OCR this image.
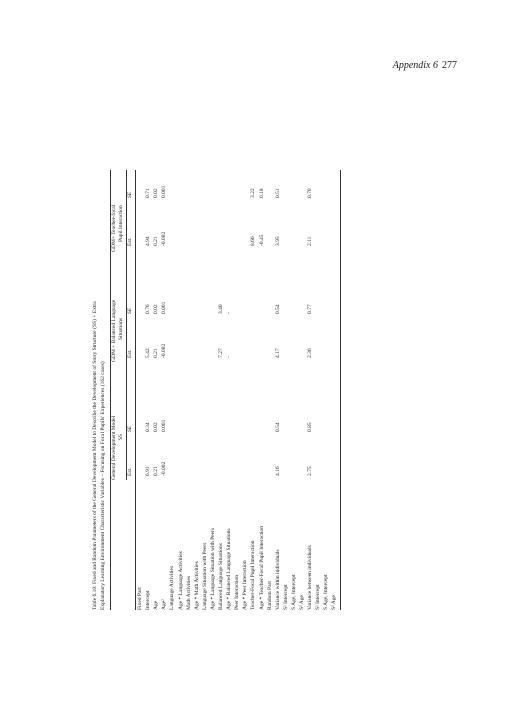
Appendix 6 277
Table 6.10: Fixed and Random Parameters of the General Development Model to Describe the Development of Story Structure (SS) + Extra Explanatory Learning Environment Characteristic Variables – Focusing on Focal Pupils' Experiences (162 cases) General Development Model SS
GDM + Balanced Language Situations
GDM+ Teacher-focal Pupil Interaction
Est.
SE
Est.
SE
Est.
SE
Fixed Part Intercept
6.91
0.34
5.42
0.76
4.94
0.71
Age
0.21
0.02
0.21
0.02
0.21
0.02
Age²
-0.002
0.001
-0.002
0.001
-0.002
0.001
Language Activities Age * Language Activities Math Activities Age * Math Activities Language Situation with Peers Age * Language Situation with Peers Balanced Language Situations
7.27
3.40
Age * Balanced Language Situations
-
-
Peer Interaction Age * Peer Interaction Teacher-Focal Pupil Interaction
8.66
3.22
Age * Teacher-Focal Pupil Interaction
-0.45
0.18
Random Part Variance within individuals
4.16
0.54
4.17
0.54
3.95
0.51
S² Intercept S Age, Intercept S² Age Variance between individuals
2.75
0.85
2.36
0.77
2.11
0.70
S² Intercept S Age, Intercept S² Age
